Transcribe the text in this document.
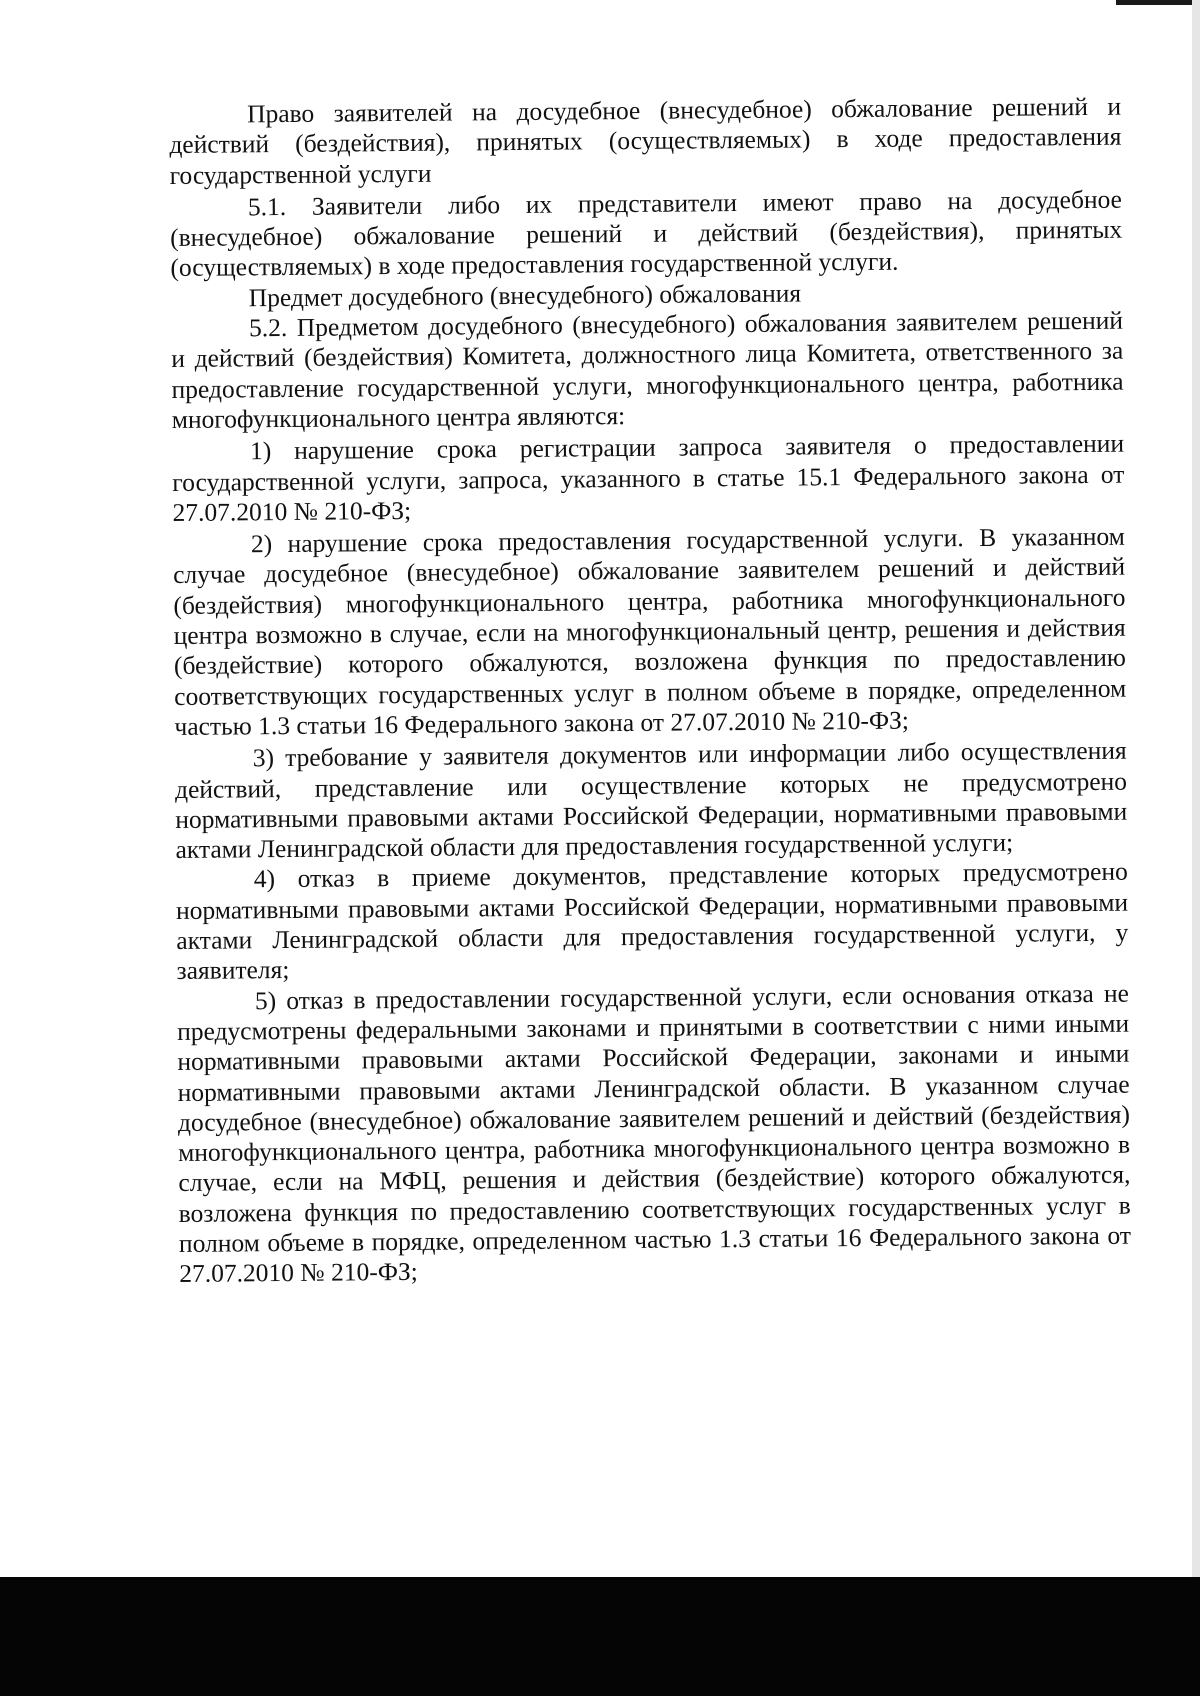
Право заявителей на досудебное (внесудебное) обжалование решений и действий (бездействия), принятых (осуществляемых) в ходе предоставления государственной услуги

5.1. Заявители либо их представители имеют право на досудебное (внесудебное) обжалование решений и действий (бездействия), принятых (осуществляемых) в ходе предоставления государственной услуги.

Предмет досудебного (внесудебного) обжалования

5.2. Предметом досудебного (внесудебного) обжалования заявителем решений и действий (бездействия) Комитета, должностного лица Комитета, ответственного за предоставление государственной услуги, многофункционального центра, работника многофункционального центра являются:

1) нарушение срока регистрации запроса заявителя о предоставлении государственной услуги, запроса, указанного в статье 15.1 Федерального закона от 27.07.2010 № 210-ФЗ;

2) нарушение срока предоставления государственной услуги. В указанном случае досудебное (внесудебное) обжалование заявителем решений и действий (бездействия) многофункционального центра, работника многофункционального центра возможно в случае, если на многофункциональный центр, решения и действия (бездействие) которого обжалуются, возложена функция по предоставлению соответствующих государственных услуг в полном объеме в порядке, определенном частью 1.3 статьи 16 Федерального закона от 27.07.2010 № 210-ФЗ;

3) требование у заявителя документов или информации либо осуществления действий, представление или осуществление которых не предусмотрено нормативными правовыми актами Российской Федерации, нормативными правовыми актами Ленинградской области для предоставления государственной услуги;

4) отказ в приеме документов, представление которых предусмотрено нормативными правовыми актами Российской Федерации, нормативными правовыми актами Ленинградской области для предоставления государственной услуги, у заявителя;

5) отказ в предоставлении государственной услуги, если основания отказа не предусмотрены федеральными законами и принятыми в соответствии с ними иными нормативными правовыми актами Российской Федерации, законами и иными нормативными правовыми актами Ленинградской области. В указанном случае досудебное (внесудебное) обжалование заявителем решений и действий (бездействия) многофункционального центра, работника многофункционального центра возможно в случае, если на МФЦ, решения и действия (бездействие) которого обжалуются, возложена функция по предоставлению соответствующих государственных услуг в полном объеме в порядке, определенном частью 1.3 статьи 16 Федерального закона от 27.07.2010 № 210-ФЗ;
